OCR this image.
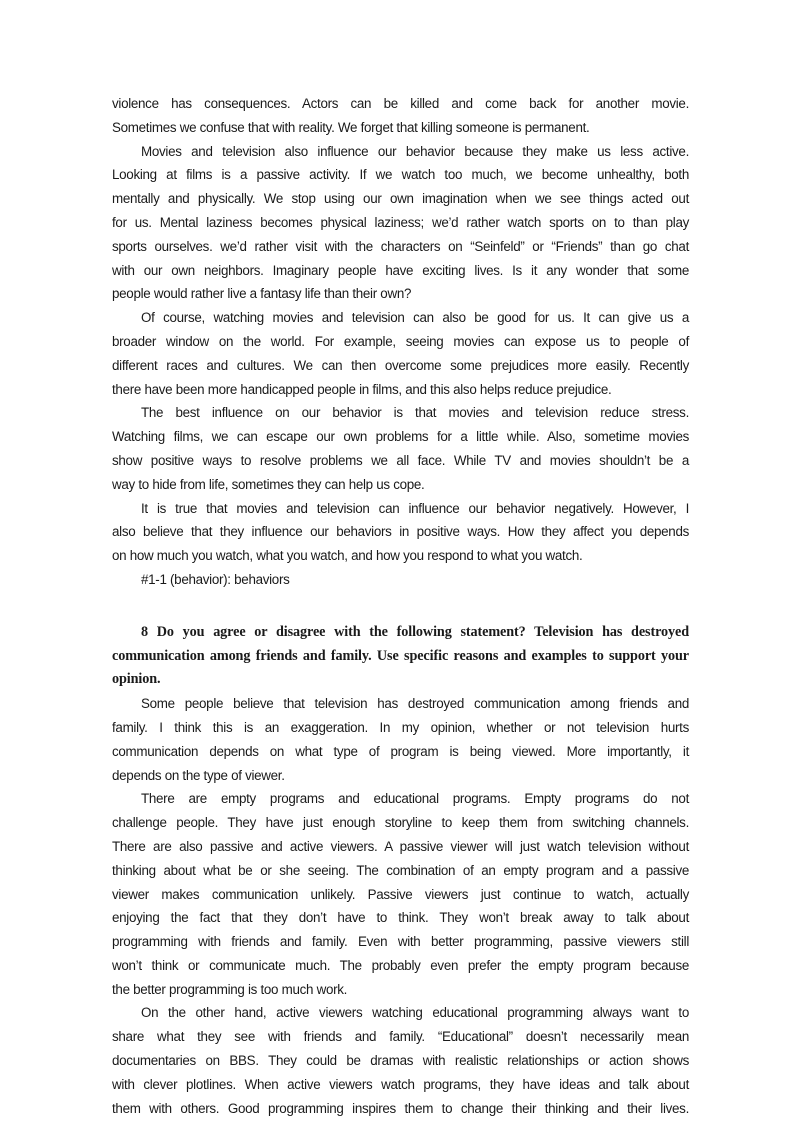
violence has consequences. Actors can be killed and come back for another movie.
Sometimes we confuse that with reality. We forget that killing someone is permanent.
Movies and television also influence our behavior because they make us less active.
Looking at films is a passive activity. If we watch too much, we become unhealthy, both
mentally and physically. We stop using our own imagination when we see things acted out
for us. Mental laziness becomes physical laziness; we’d rather watch sports on to than play
sports ourselves. we’d rather visit with the characters on “Seinfeld” or “Friends” than go chat
with our own neighbors. Imaginary people have exciting lives. Is it any wonder that some
people would rather live a fantasy life than their own?
Of course, watching movies and television can also be good for us. It can give us a
broader window on the world. For example, seeing movies can expose us to people of
different races and cultures. We can then overcome some prejudices more easily. Recently
there have been more handicapped people in films, and this also helps reduce prejudice.
The best influence on our behavior is that movies and television reduce stress.
Watching films, we can escape our own problems for a little while. Also, sometime movies
show positive ways to resolve problems we all face. While TV and movies shouldn’t be a
way to hide from life, sometimes they can help us cope.
It is true that movies and television can influence our behavior negatively. However, I
also believe that they influence our behaviors in positive ways. How they affect you depends
on how much you watch, what you watch, and how you respond to what you watch.
#1-1 (behavior): behaviors
8 Do you agree or disagree with the following statement? Television has destroyed
communication among friends and family. Use specific reasons and examples to support your
opinion.
Some people believe that television has destroyed communication among friends and
family. I think this is an exaggeration. In my opinion, whether or not television hurts
communication depends on what type of program is being viewed. More importantly, it
depends on the type of viewer.
There are empty programs and educational programs. Empty programs do not
challenge people. They have just enough storyline to keep them from switching channels.
There are also passive and active viewers. A passive viewer will just watch television without
thinking about what be or she seeing. The combination of an empty program and a passive
viewer makes communication unlikely. Passive viewers just continue to watch, actually
enjoying the fact that they don’t have to think. They won’t break away to talk about
programming with friends and family. Even with better programming, passive viewers still
won’t think or communicate much. The probably even prefer the empty program because
the better programming is too much work.
On the other hand, active viewers watching educational programming always want to
share what they see with friends and family. “Educational” doesn’t necessarily mean
documentaries on BBS. They could be dramas with realistic relationships or action shows
with clever plotlines. When active viewers watch programs, they have ideas and talk about
them with others. Good programming inspires them to change their thinking and their lives.
